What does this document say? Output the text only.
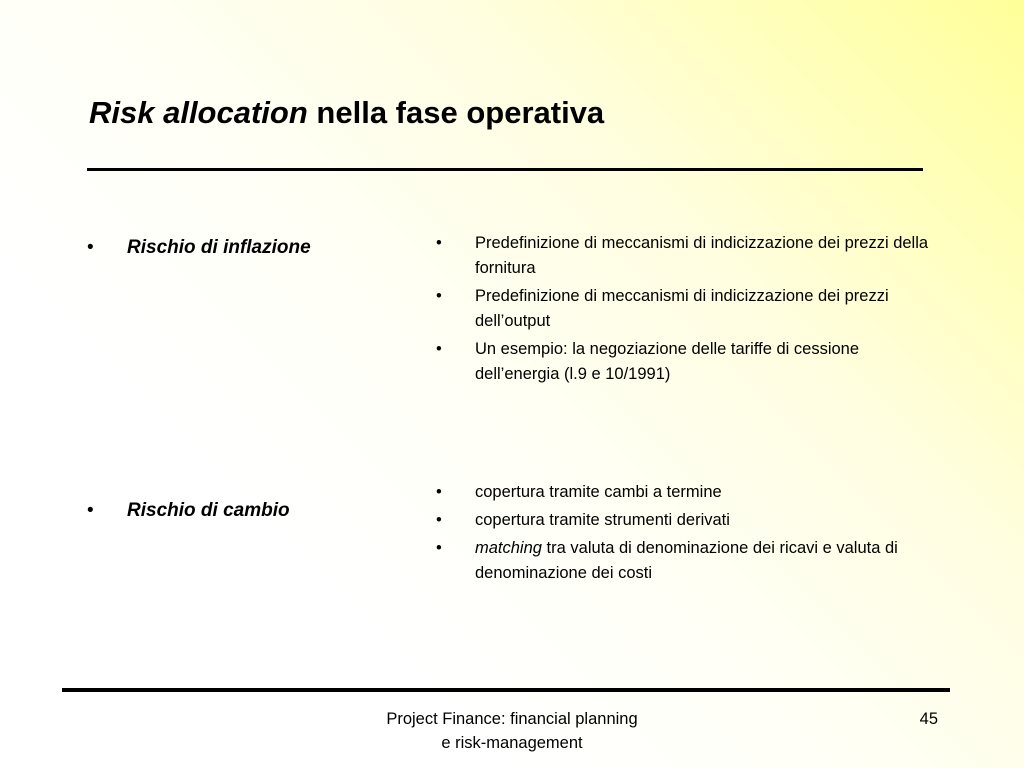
Risk allocation nella fase operativa
• Rischio di inflazione	• Predefinizione di meccanismi di indicizzazione dei prezzi della fornitura
• Predefinizione di meccanismi di indicizzazione dei prezzi dell’output
• Un esempio: la negoziazione delle tariffe di cessione dell’energia (l.9 e 10/1991)
• Rischio di cambio
• copertura tramite cambi a termine
• copertura tramite strumenti derivati
• matching tra valuta di denominazione dei ricavi e valuta di denominazione dei costi
Project Finance: financial planning
e risk-management
45
